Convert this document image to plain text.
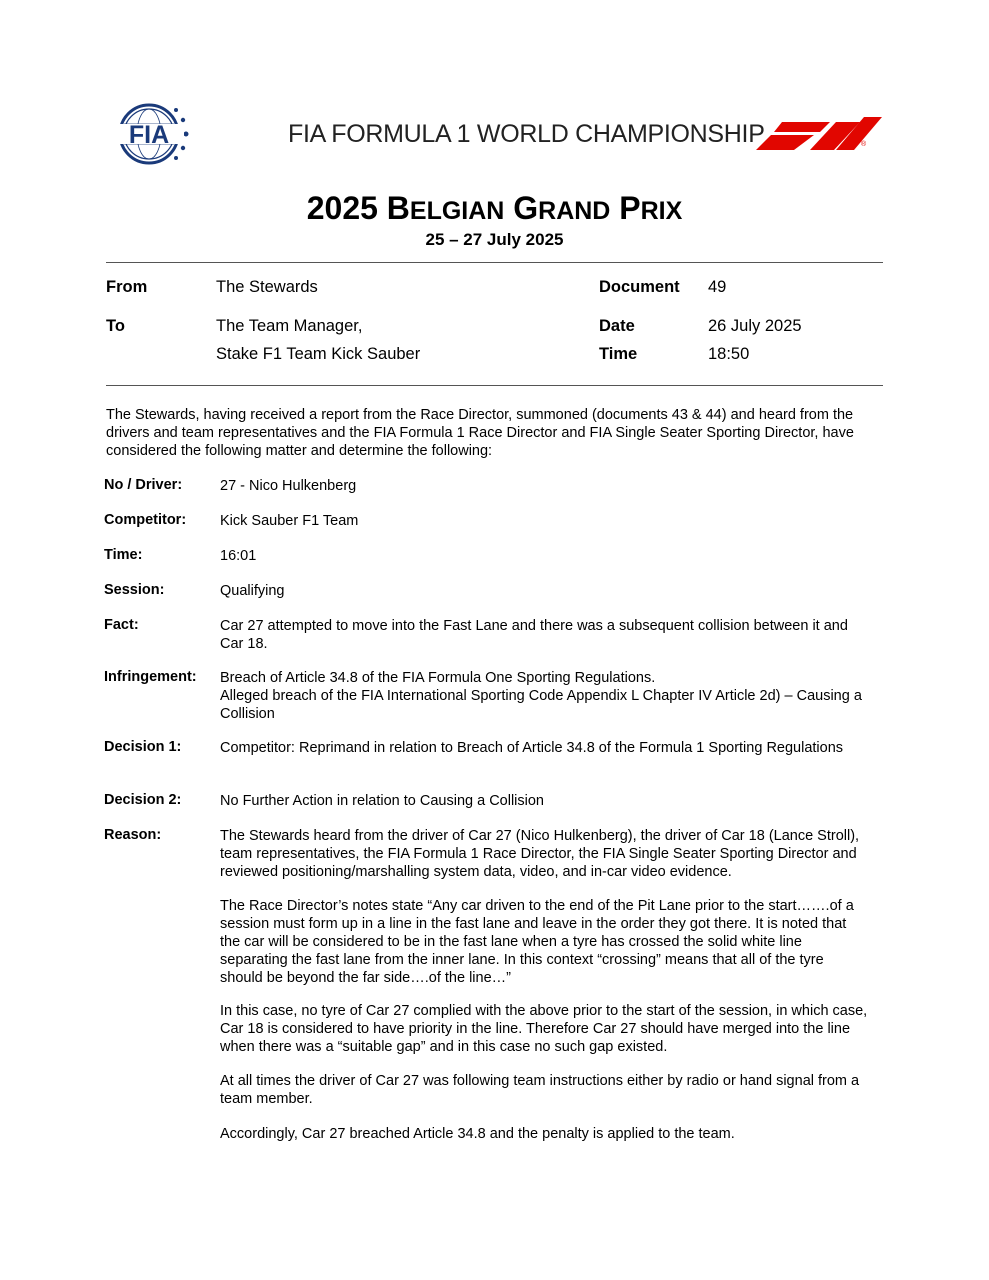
FIA	FIA FORMULA 1 WORLD CHAMPIONSHIP	®
2025 BELGIAN GRAND PRIX
25 – 27 July 2025
From	The Stewards	Document 49
To	The Team Manager,
Stake F1 Team Kick Sauber
Date	26 July 2025
Time	18:50
The Stewards, having received a report from the Race Director, summoned (documents 43 & 44) and heard from the drivers and team representatives and the FIA Formula 1 Race Director and FIA Single Seater Sporting Director, have considered the following matter and determine the following:
No / Driver:	27 - Nico Hulkenberg
Competitor: Kick Sauber F1 Team
Time:	16:01
Session:	Qualifying
Fact:	Car 27 attempted to move into the Fast Lane and there was a subsequent collision between it and Car 18.
Infringement: Breach of Article 34.8 of the FIA Formula One Sporting Regulations.

Alleged breach of the FIA International Sporting Code Appendix L Chapter IV Article 2d) – Causing a Collision

Decision 1:	Competitor: Reprimand in relation to Breach of Article 34.8 of the Formula 1 Sporting Regulations
Decision 2:	No Further Action in relation to Causing a Collision
Reason:	The Stewards heard from the driver of Car 27 (Nico Hulkenberg), the driver of Car 18 (Lance Stroll), team representatives, the FIA Formula 1 Race Director, the FIA Single Seater Sporting Director and reviewed positioning/marshalling system data, video, and in-car video evidence.
The Race Director’s notes state “Any car driven to the end of the Pit Lane prior to the start…….of a session must form up in a line in the fast lane and leave in the order they got there. It is noted that the car will be considered to be in the fast lane when a tyre has crossed the solid white line separating the fast lane from the inner lane. In this context “crossing” means that all of the tyre should be beyond the far side….of the line…”
In this case, no tyre of Car 27 complied with the above prior to the start of the session, in which case, Car 18 is considered to have priority in the line. Therefore Car 27 should have merged into the line when there was a “suitable gap” and in this case no such gap existed.
At all times the driver of Car 27 was following team instructions either by radio or hand signal from a team member.
Accordingly, Car 27 breached Article 34.8 and the penalty is applied to the team.
